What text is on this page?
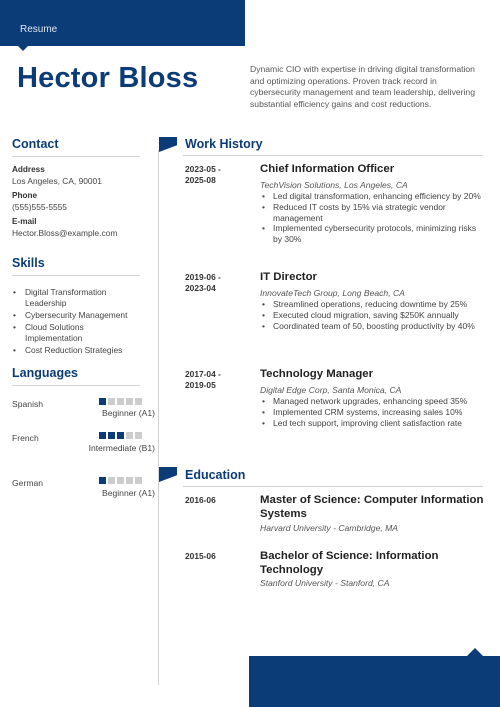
Resume
Hector Bloss	Dynamic CIO with expertise in driving digital transformation and optimizing operations. Proven track record in cybersecurity management and team leadership, delivering substantial efficiency gains and cost reductions.
Contact
Address
Los Angeles, CA, 90001
Phone
(555)555-5555
E-mail
Hector.Bloss@example.com
Skills
• Digital Transformation Leadership
• Cybersecurity Management
• Cloud Solutions Implementation
• Cost Reduction Strategies
Languages
Spanish
Beginner (A1)
French
Intermediate (B1)
German
Beginner (A1)
Work History
2023-05 -
2025-08
Chief Information Officer
TechVision Solutions, Los Angeles, CA
• Led digital transformation, enhancing efficiency by 20%
• Reduced IT costs by 15% via strategic vendor management
• Implemented cybersecurity protocols, minimizing risks by 30%
2019-06 -
2023-04
IT Director
InnovateTech Group, Long Beach, CA
• Streamlined operations, reducing downtime by 25%
• Executed cloud migration, saving $250K annually
• Coordinated team of 50, boosting productivity by 40%
2017-04 -
2019-05
Technology Manager
Digital Edge Corp, Santa Monica, CA
• Managed network upgrades, enhancing speed 35%
• Implemented CRM systems, increasing sales 10%
• Led tech support, improving client satisfaction rate
Education
2016-06	Master of Science: Computer Information Systems
Harvard University - Cambridge, MA
2015-06	Bachelor of Science: Information Technology
Stanford University - Stanford, CA
